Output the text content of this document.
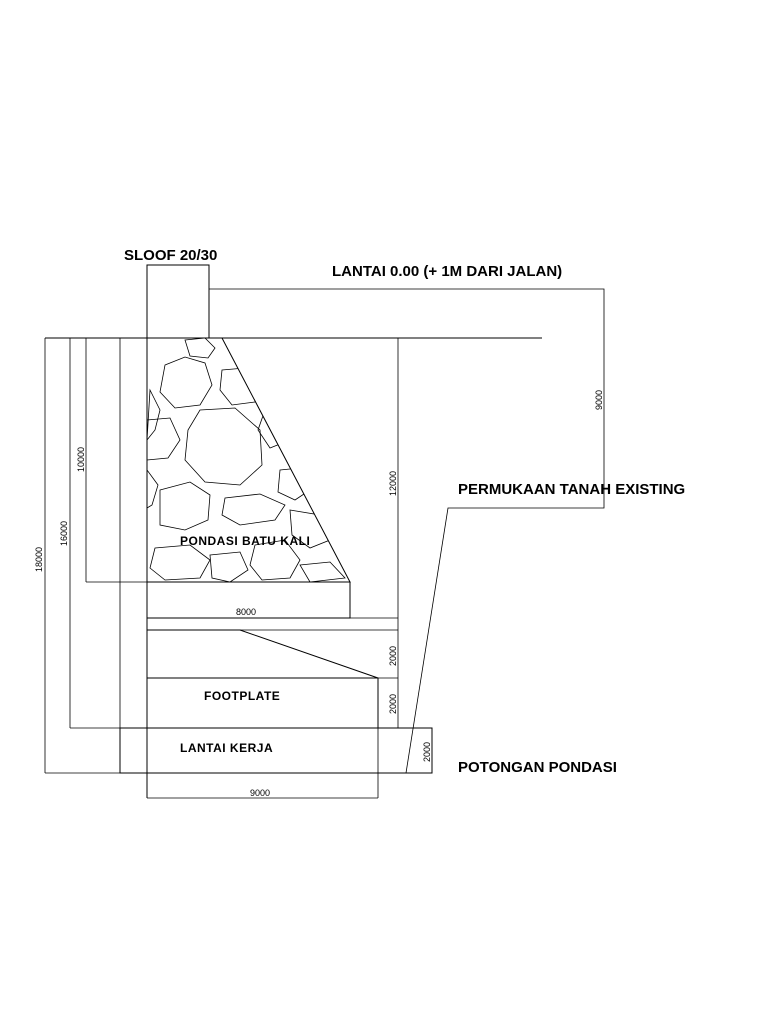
SLOOF 20/30
LANTAI 0.00 (+ 1M DARI JALAN)
PERMUKAAN TANAH EXISTING
PONDASI BATU KALI
FOOTPLATE
LANTAI KERJA
POTONGAN PONDASI
18000
16000
10000
12000
9000
8000
2000
2000
2000
9000
